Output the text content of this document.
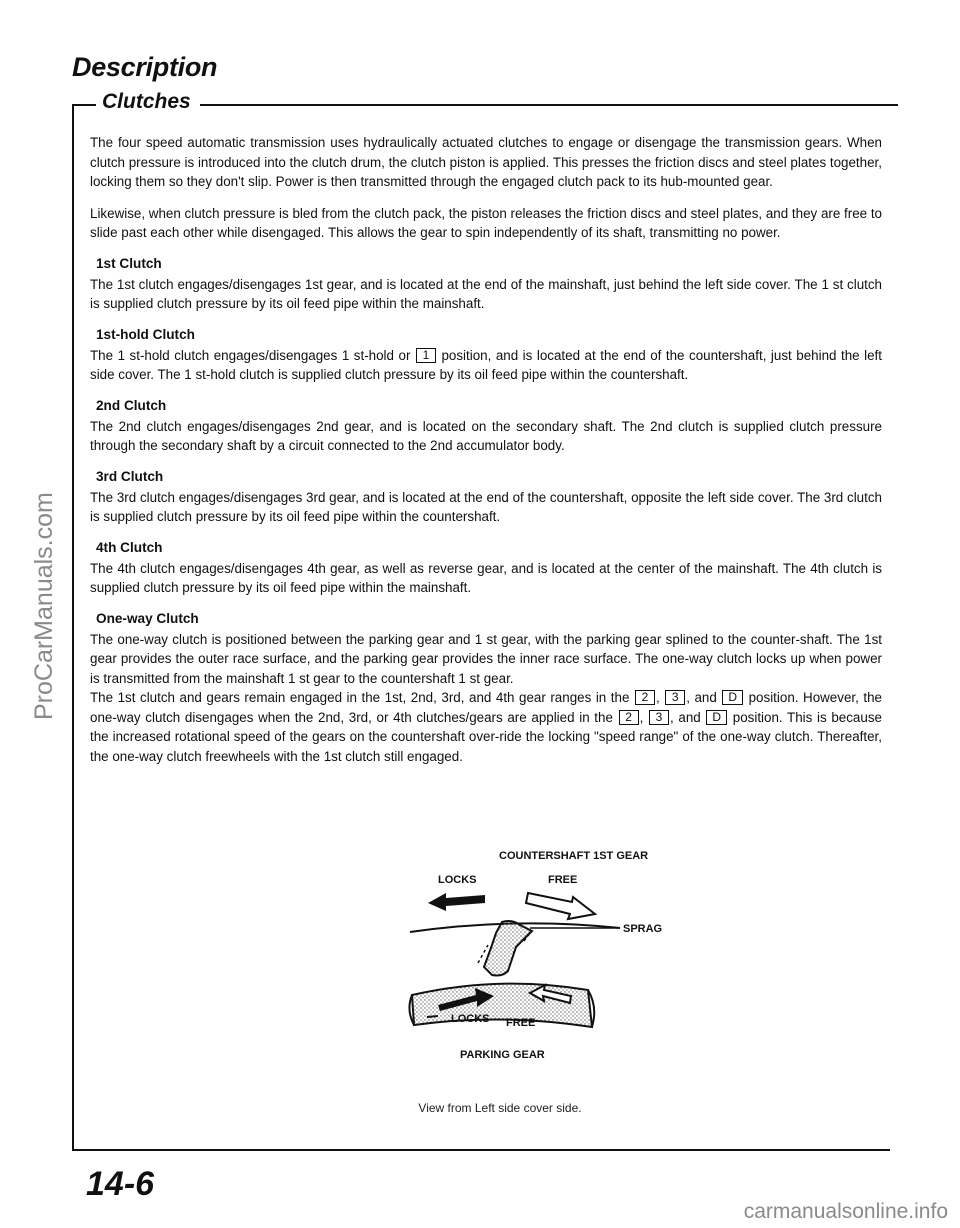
Description
Clutches

The four speed automatic transmission uses hydraulically actuated clutches to engage or disengage the transmission gears. When clutch pressure is introduced into the clutch drum, the clutch piston is applied. This presses the friction discs and steel plates together, locking them so they don't slip. Power is then transmitted through the engaged clutch pack to its hub-mounted gear.

Likewise, when clutch pressure is bled from the clutch pack, the piston releases the friction discs and steel plates, and they are free to slide past each other while disengaged. This allows the gear to spin independently of its shaft, transmitting no power.

1st Clutch

The 1st clutch engages/disengages 1st gear, and is located at the end of the mainshaft, just behind the left side cover. The 1 st clutch is supplied clutch pressure by its oil feed pipe within the mainshaft.

1st-hold Clutch

The 1 st-hold clutch engages/disengages 1 st-hold or 1 position, and is located at the end of the countershaft, just behind the left side cover. The 1 st-hold clutch is supplied clutch pressure by its oil feed pipe within the countershaft.

2nd Clutch

The 2nd clutch engages/disengages 2nd gear, and is located on the secondary shaft. The 2nd clutch is supplied clutch pressure through the secondary shaft by a circuit connected to the 2nd accumulator body.

3rd Clutch

The 3rd clutch engages/disengages 3rd gear, and is located at the end of the countershaft, opposite the left side cover. The 3rd clutch is supplied clutch pressure by its oil feed pipe within the countershaft.

4th Clutch

The 4th clutch engages/disengages 4th gear, as well as reverse gear, and is located at the center of the mainshaft. The 4th clutch is supplied clutch pressure by its oil feed pipe within the mainshaft.

One-way Clutch

The one-way clutch is positioned between the parking gear and 1 st gear, with the parking gear splined to the counter-shaft. The 1st gear provides the outer race surface, and the parking gear provides the inner race surface. The one-way clutch locks up when power is transmitted from the mainshaft 1 st gear to the countershaft 1 st gear.

The 1st clutch and gears remain engaged in the 1st, 2nd, 3rd, and 4th gear ranges in the 2 , 3 , and D position. However, the one-way clutch disengages when the 2nd, 3rd, or 4th clutches/gears are applied in the 2 , 3 , and D position. This is because the increased rotational speed of the gears on the countershaft over-ride the locking "speed range" of the one-way clutch. Thereafter, the one-way clutch freewheels with the 1st clutch still engaged.

COUNTERSHAFT 1ST GEAR
LOCKS	FREE
SPRAG
LOCKS FREE
PARKING GEAR
View from Left side cover side.
14-6
ProCarManuals.com
carmanualsonline.info
